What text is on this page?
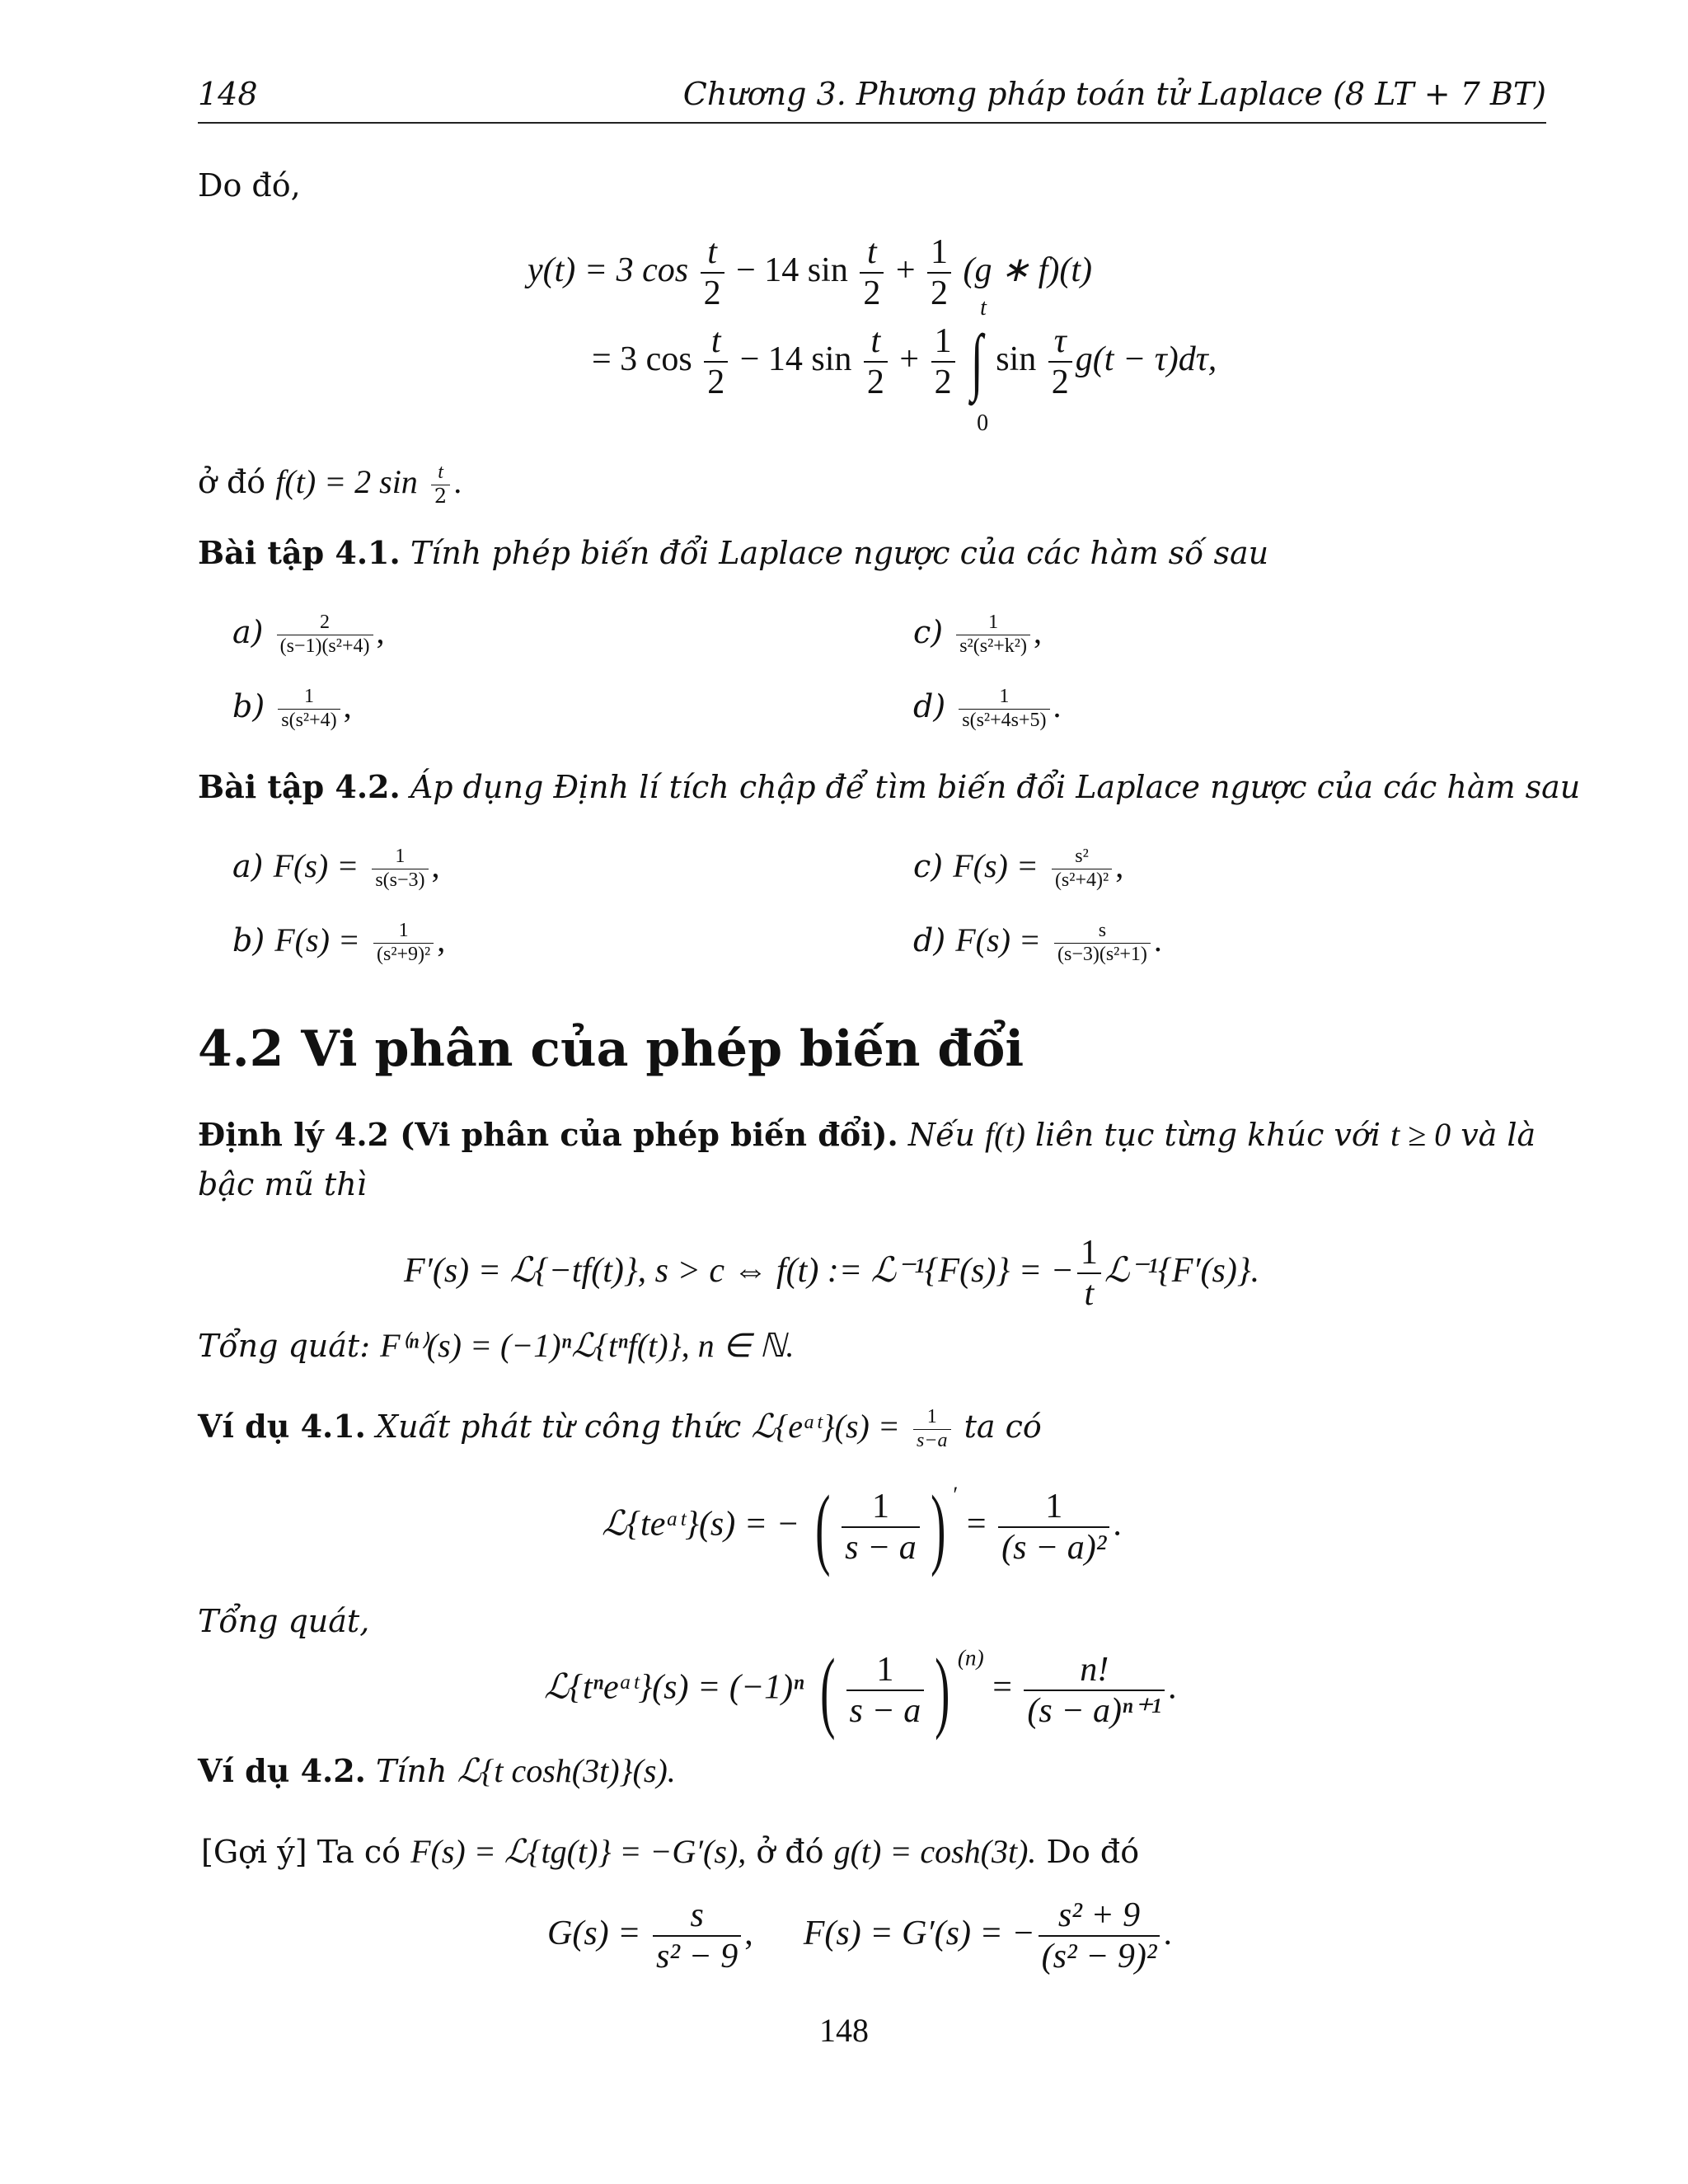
148	Chương 3. Phương pháp toán tử Laplace (8 LT + 7 BT)
Do đó,
y(t) = 3 $\cos \frac{t}{2} - 14$ $\sin \frac{t}{2} + \frac{1}{2} (g$ ∗ f)(t)
= 3 $\cos \frac{t}{2} - 14$ $\sin \frac{t}{2} + \frac{1}{2}$

t
∫
0
$\sin \frac{\tau}{2} g(t - \tau)d\tau$,
ở đó f(t) = 2 $\sin \frac{t}{2}$ .
Bài tập 4.1. Tính phép biến đổi Laplace ngược của các hàm số sau
$a) \frac{2}{\text{(s−1)(s²+4)}}$ ,
$b) \frac{1}{\text{s(s²+4)}}$ ,
$c) \frac{1}{\text{s²(s²+k²)}}$ ,
$d) \frac{1}{\text{s(s²+4s+5)}}$ .
Bài tập 4.2. Áp dụng Định lí tích chập để tìm biến đổi Laplace ngược của các hàm sau
a) $F(s) = \frac{1}{s(s-3)}$ ,
b) $F(s) = \frac{1}{\text{(s²+9)²}}$ ,
c) $F(s) = \frac{\text{s²}}{\text{(s²+4)²}}$ ,
d) $F(s) = \frac{s}{\text{(s−3)(s²+1)}}$ .
4.2 Vi phân của phép biến đổi
Định lý 4.2 (Vi phân của phép biến đổi). Nếu f(t) liên tục từng khúc với t ≥ 0 và là
bậc mũ thì
F′(s) = ℒ{−tf(t)}, s > c ⇔ f(t) := ℒ⁻¹{F(s)} = − $\frac{1}{t}$ ℒ⁻¹{F′(s)}.
Tổng quát: F⁽ⁿ⁾(s) = (−1)ⁿℒ{tⁿf(t)}, n ∈ ℕ.
Ví dụ 4.1. Xuất phát từ công thức ℒ{eᵃᵗ}(s) = $\frac{1}{s-a}$ ta có
ℒ{teᵃᵗ}(s) = − ( $\frac{1}{s - a}$ ) $' = \frac{1}{\text{(s − a)²}}$ .
Tổng quát,
ℒ{tⁿeᵃᵗ}(s) = (−1)ⁿ ( $\frac{1}{s - a}$ ) $^{(n)} = \frac{n!}{\text{(s − a)ⁿ⁺¹}}$ .
Ví dụ 4.2. Tính ℒ{t cosh(3t)}(s).
[Gợi ý] Ta có F(s) = ℒ{tg(t)} = −G′(s), ở đó g(t) = cosh(3t). Do đó
$G(s) = \frac{s}{\text{s² − 9}}$ , F(s) = G′(s) = − $\frac{\text{s² + 9}}{\text{(s² − 9)²}}$ .
148
